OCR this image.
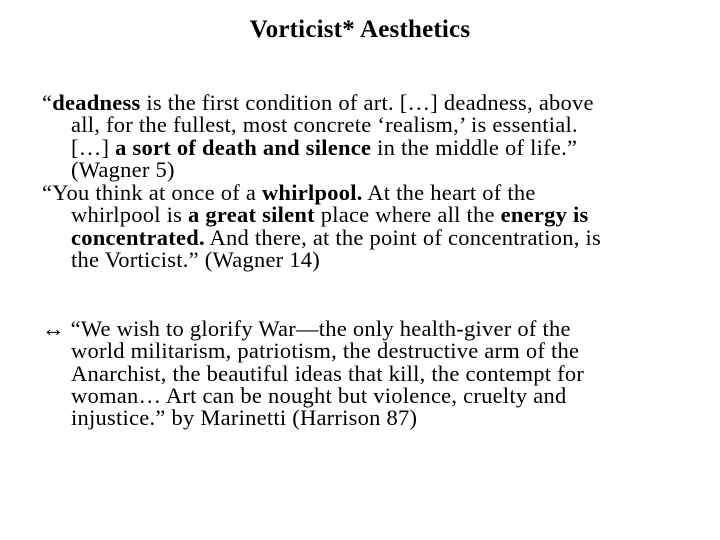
Vorticist* Aesthetics
“deadness is the first condition of art. […] deadness, above
all, for the fullest, most concrete ‘realism,’ is essential.
[…] a sort of death and silence in the middle of life.”
(Wagner 5)
“You think at once of a whirlpool. At the heart of the
whirlpool is a great silent place where all the energy is
concentrated. And there, at the point of concentration, is
the Vorticist.” (Wagner 14)
↔ “We wish to glorify War—the only health-giver of the
world militarism, patriotism, the destructive arm of the
Anarchist, the beautiful ideas that kill, the contempt for
woman… Art can be nought but violence, cruelty and
injustice.” by Marinetti (Harrison 87)
